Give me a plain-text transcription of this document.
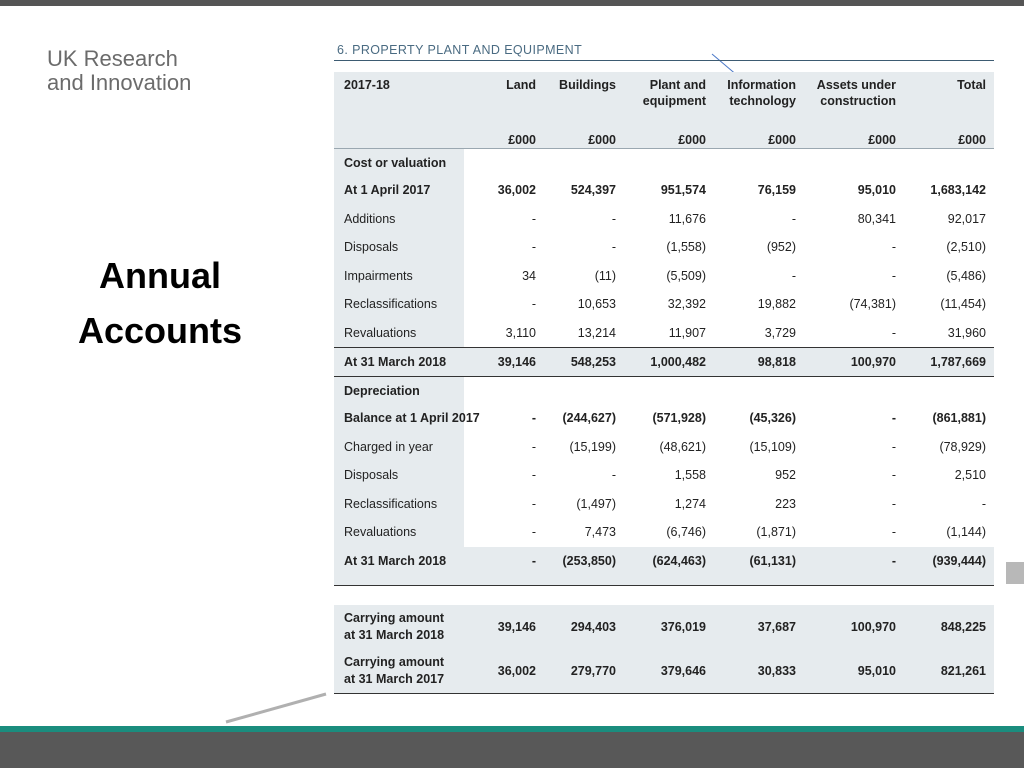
UK Research
and Innovation
Annual
Accounts
6. PROPERTY PLANT AND EQUIPMENT
2017-18	Land	Buildings	Plant and equipment	Information technology	Assets under construction	Total
	£000	£000	£000	£000	£000	£000
Cost or valuation						
At 1 April 2017	36,002	524,397	951,574	76,159	95,010	1,683,142
Additions	-	-	11,676	-	80,341	92,017
Disposals	-	-	(1,558)	(952)	-	(2,510)
Impairments	34	(11)	(5,509)	-	-	(5,486)
Reclassifications	-	10,653	32,392	19,882	(74,381)	(11,454)
Revaluations	3,110	13,214	11,907	3,729	-	31,960
At 31 March 2018	39,146	548,253	1,000,482	98,818	100,970	1,787,669
Depreciation						
Balance at 1 April 2017	-	(244,627)	(571,928)	(45,326)	-	(861,881)
Charged in year	-	(15,199)	(48,621)	(15,109)	-	(78,929)
Disposals	-	-	1,558	952	-	2,510
Reclassifications	-	(1,497)	1,274	223	-	-
Revaluations	-	7,473	(6,746)	(1,871)	-	(1,144)
At 31 March 2018	-	(253,850)	(624,463)	(61,131)	-	(939,444)

Carrying amount
at 31 March 2018	39,146	294,403	376,019	37,687	100,970	848,225

Carrying amount
at 31 March 2017	36,002	279,770	379,646	30,833	95,010	821,261
